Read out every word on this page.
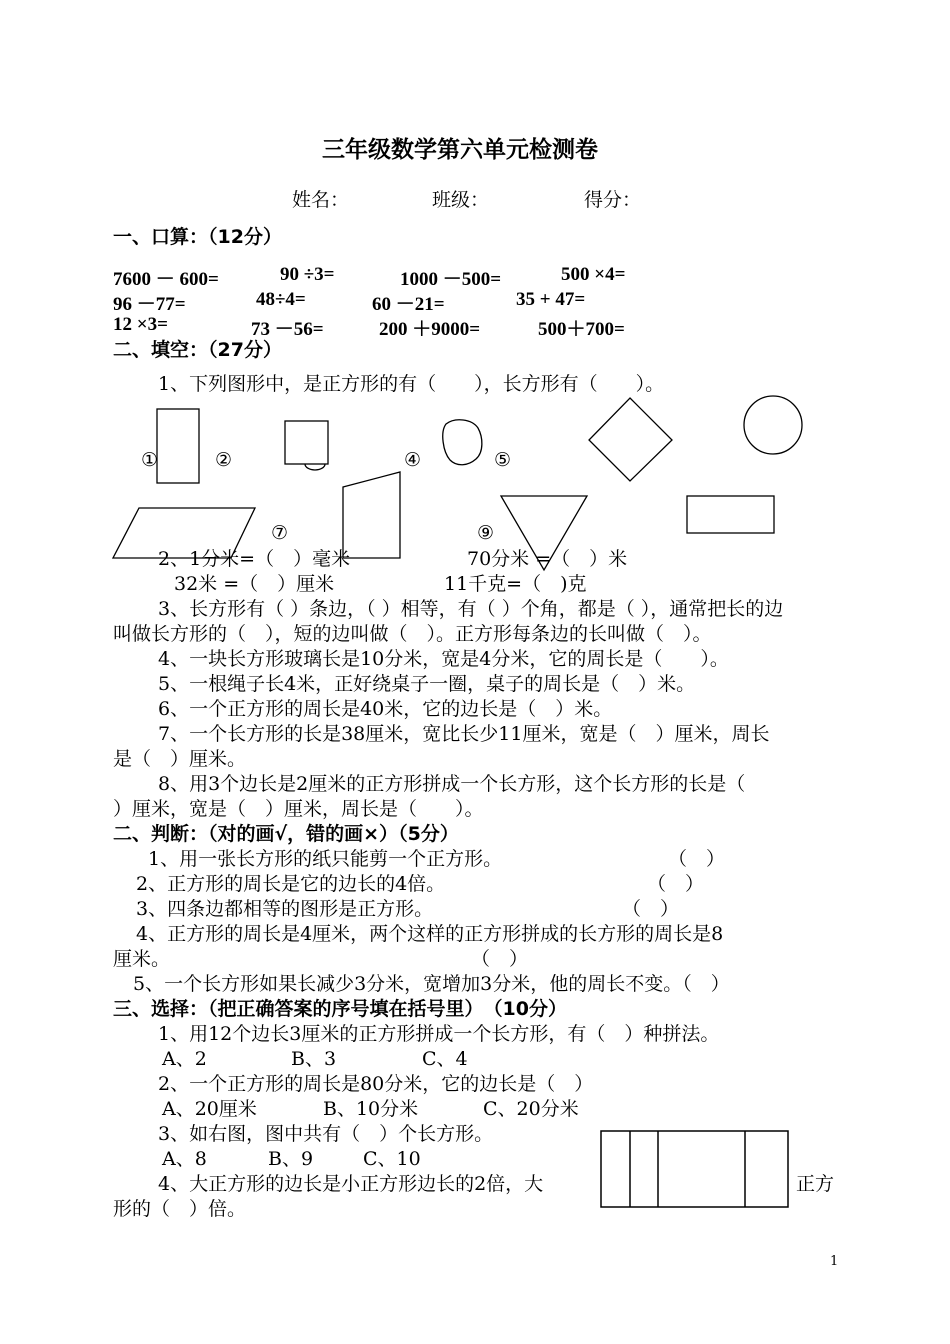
三年级数学第六单元检测卷
姓名：	班级：	得分：
一、口算：（12分）
7600 － 600=	90 ÷3=	1000 －500=	500 ×4=
96 －77=	48÷4=	60 －21=	35 + 47=
12 ×3=	73 －56=	200 ＋9000=	500＋700=
二、填空：（27分）
1、下列图形中，是正方形的有（　　），长方形有（　　）。
①	②	④	⑤
⑦	⑨
2、1分米=（　）毫米	70分米 =（　）米
32米 =（　）厘米	11千克=（　)克
3、长方形有（ ）条边，（ ）相等，有（ ）个角，都是（ ），通常把长的边
叫做长方形的（　），短的边叫做（　）。正方形每条边的长叫做（　）。
4、一块长方形玻璃长是10分米，宽是4分米，它的周长是（　　）。
5、一根绳子长4米，正好绕桌子一圈，桌子的周长是（　）米。
6、一个正方形的周长是40米，它的边长是（　）米。
7、一个长方形的长是38厘米，宽比长少11厘米，宽是（　）厘米，周长
是（　）厘米。
8、用3个边长是2厘米的正方形拼成一个长方形，这个长方形的长是（
）厘米，宽是（　）厘米，周长是（　　）。
二、判断：（对的画√，错的画×）（5分）
1、用一张长方形的纸只能剪一个正方形。	（　）
2、正方形的周长是它的边长的4倍。	（　）
3、四条边都相等的图形是正方形。	（　）
4、正方形的周长是4厘米，两个这样的正方形拼成的长方形的周长是8
厘米。	（　）
5、一个长方形如果长减少3分米，宽增加3分米，他的周长不变。（　）
三、选择：（把正确答案的序号填在括号里）　（10分）
1、用12个边长3厘米的正方形拼成一个长方形，有（　）种拼法。
A、2	B、3	C、4
2、一个正方形的周长是80分米，它的边长是（　）
A、20厘米	B、10分米	C、20分米
3、如右图，图中共有（　）个长方形。
A、8	B、9	C、10
4、大正方形的边长是小正方形边长的2倍，大	正方
形的（　）倍。
1
